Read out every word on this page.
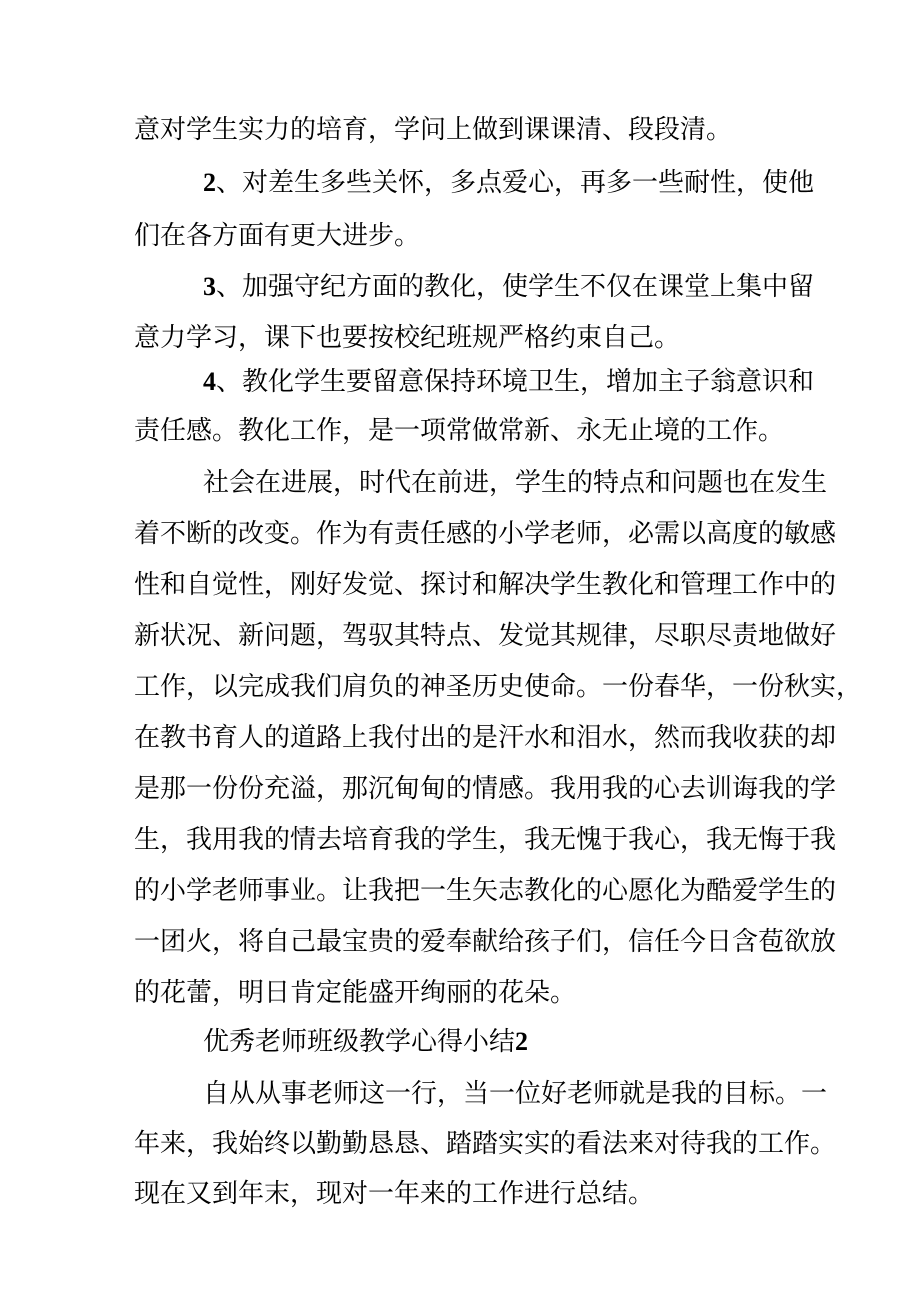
意对学生实力的培育，学问上做到课课清、段段清。
2、对差生多些关怀，多点爱心，再多一些耐性，使他
们在各方面有更大进步。
3、加强守纪方面的教化，使学生不仅在课堂上集中留
意力学习，课下也要按校纪班规严格约束自己。
4、教化学生要留意保持环境卫生，增加主子翁意识和
责任感。教化工作，是一项常做常新、永无止境的工作。
社会在进展，时代在前进，学生的特点和问题也在发生
着不断的改变。作为有责任感的小学老师，必需以高度的敏感
性和自觉性，刚好发觉、探讨和解决学生教化和管理工作中的
新状况、新问题，驾驭其特点、发觉其规律，尽职尽责地做好
工作，以完成我们肩负的神圣历史使命。一份春华，一份秋实，
在教书育人的道路上我付出的是汗水和泪水，然而我收获的却
是那一份份充溢，那沉甸甸的情感。我用我的心去训诲我的学
生，我用我的情去培育我的学生，我无愧于我心，我无悔于我
的小学老师事业。让我把一生矢志教化的心愿化为酷爱学生的
一团火，将自己最宝贵的爱奉献给孩子们，信任今日含苞欲放
的花蕾，明日肯定能盛开绚丽的花朵。
优秀老师班级教学心得小结2
自从从事老师这一行，当一位好老师就是我的目标。一
年来，我始终以勤勤恳恳、踏踏实实的看法来对待我的工作。
现在又到年末，现对一年来的工作进行总结。
